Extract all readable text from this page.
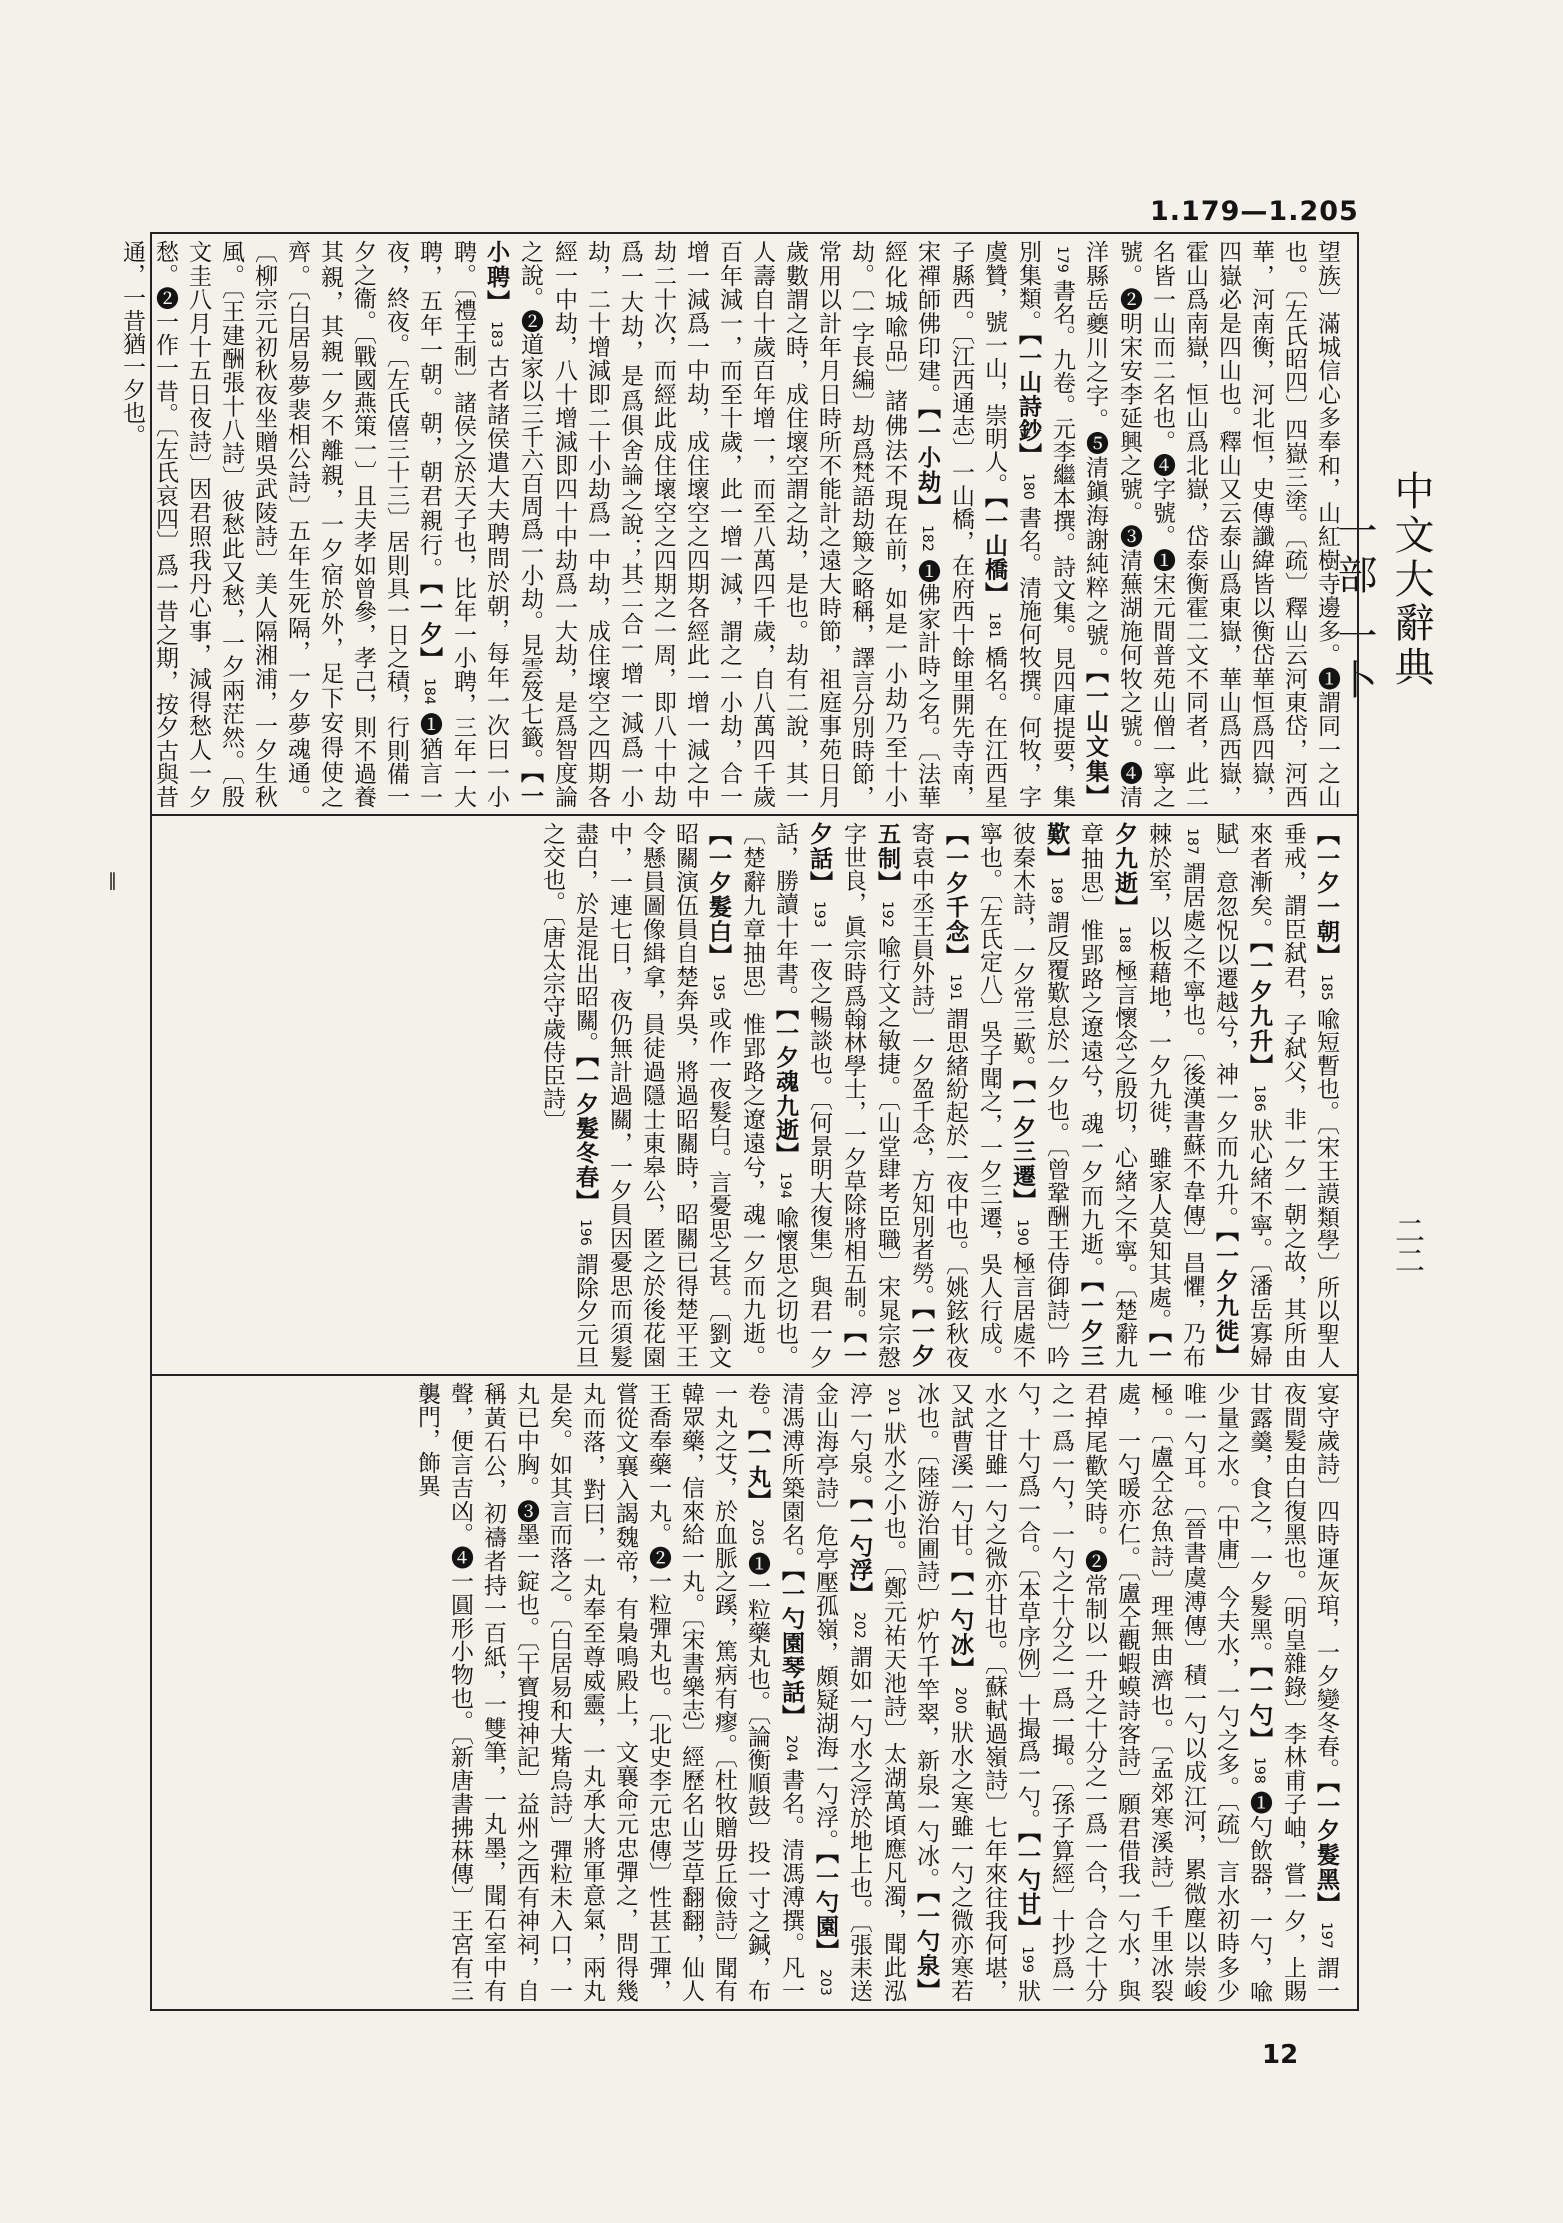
1.179—1.205
中文大辭典 一部 一卜
二二
‖
望族〕滿城信心多奉和，山紅樹寺邊多。❶謂同一之山也。〔左氏昭四〕四嶽三塗。〔疏〕釋山云河東岱，河西華，河南衡，河北恒，史傳讖緯皆以衡岱華恒爲四嶽，四嶽必是四山也。釋山又云泰山爲東嶽，華山爲西嶽，霍山爲南嶽，恒山爲北嶽，岱泰衡霍二文不同者，此二名皆一山而二名也。❹字號。❶宋元間普苑山僧一寧之號。❷明宋安李延興之號。❸清蕪湖施何牧之號。❹清洋縣岳夔川之字。❺清鎭海謝純粹之號。【一山文集】179書名。九卷。元李繼本撰。詩文集。見四庫提要，集別集類。【一山詩鈔】180書名。清施何牧撰。何牧，字虞贊，號一山，崇明人。【一山橋】181橋名。在江西星子縣西。〔江西通志〕一山橋，在府西十餘里開先寺南，宋禪師佛印建。【一小劫】182❶佛家計時之名。〔法華經化城喩品〕諸佛法不現在前，如是一小劫乃至十小劫。〔一字長編〕劫爲梵語劫簸之略稱，譯言分別時節，常用以計年月日時所不能計之遠大時節，祖庭事苑日月歲數謂之時，成住壞空謂之劫，是也。劫有二說，其一人壽自十歲百年增一，而至八萬四千歲，自八萬四千歲百年減一，而至十歲，此一增一減，謂之一小劫，合一增一減爲一中劫，成住壞空之四期各經此一增一減之中劫二十次，而經此成住壞空之四期之一周，即八十中劫爲一大劫，是爲俱舍論之說；其二合一增一減爲一小劫，二十增減即二十小劫爲一中劫，成住壞空之四期各經一中劫，八十增減即四十中劫爲一大劫，是爲智度論之說。❷道家以三千六百周爲一小劫。見雲笈七籤。【一小聘】183古者諸侯遣大夫聘問於朝，每年一次曰一小聘。〔禮王制〕諸侯之於天子也，比年一小聘，三年一大聘，五年一朝。朝，朝君親行。【一夕】184❶猶言一夜，終夜。〔左氏僖三十三〕居則具一日之積，行則備一夕之衞。〔戰國燕策一〕且夫孝如曾參，孝己，則不過養其親，其親一夕不離親，一夕宿於外，足下安得使之齊。〔白居易夢裴相公詩〕五年生死隔，一夕夢魂通。〔柳宗元初秋夜坐贈吳武陵詩〕美人隔湘浦，一夕生秋風。〔王建酬張十八詩〕彼愁此又愁，一夕兩茫然。〔殷文圭八月十五日夜詩〕因君照我丹心事，減得愁人一夕愁。❷一作一昔。〔左氏哀四〕爲一昔之期，按夕古與昔通，一昔猶一夕也。
【一夕一朝】185喩短暫也。〔宋王謨類學〕所以聖人垂戒，謂臣弑君，子弑父，非一夕一朝之故，其所由來者漸矣。【一夕九升】186狀心緒不寧。〔潘岳寡婦賦〕意忽怳以遷越兮，神一夕而九升。【一夕九徙】187謂居處之不寧也。〔後漢書蘇不韋傳〕昌懼，乃布棘於室，以板藉地，一夕九徙，雖家人莫知其處。【一夕九逝】188極言懷念之殷切，心緒之不寧。〔楚辭九章抽思〕惟郢路之遼遠兮，魂一夕而九逝。【一夕三歎】189謂反覆歎息於一夕也。〔曾鞏酬王侍御詩〕吟彼秦木詩，一夕常三歎。【一夕三遷】190極言居處不寧也。〔左氏定八〕吳子聞之，一夕三遷，吳人行成。【一夕千念】191謂思緒紛起於一夜中也。〔姚鉉秋夜寄袁中丞王員外詩〕一夕盈千念，方知別者勞。【一夕五制】192喩行文之敏捷。〔山堂肆考臣職〕宋晁宗慤字世良，眞宗時爲翰林學士，一夕草除將相五制。【一夕話】193一夜之暢談也。〔何景明大復集〕與君一夕話，勝讀十年書。【一夕魂九逝】194喩懷思之切也。〔楚辭九章抽思〕惟郢路之遼遠兮，魂一夕而九逝。【一夕髮白】195或作一夜髮白。言憂思之甚。〔劉文昭關演伍員自楚奔吳，將過昭關時，昭關已得楚平王令懸員圖像緝拿，員徒過隱士東皋公，匿之於後花園中，一連七日，夜仍無計過關，一夕員因憂思而須髮盡白，於是混出昭關。【一夕髮冬春】196謂除夕元旦之交也。〔唐太宗守歲侍臣詩〕
宴守歲詩〕四時運灰琯，一夕變冬春。【一夕髮黑】197謂一夜間髮由白復黑也。〔明皇雜錄〕李林甫子岫，嘗一夕，上賜甘露羹，食之，一夕髮黑。【一勺】198❶勺飲器，一勺，喩少量之水。〔中庸〕今夫水，一勺之多。〔疏〕言水初時多少唯一勺耳。〔晉書虞溥傳〕積一勺以成江河，累微塵以崇峻極。〔盧仝忿魚詩〕理無由濟也。〔孟郊寒溪詩〕千里冰裂處，一勺暖亦仁。〔盧仝觀蝦蟆詩客詩〕願君借我一勺水，與君掉尾歡笑時。❷常制以一升之十分之一爲一合，合之十分之一爲一勺，一勺之十分之一爲一撮。〔孫子算經〕十抄爲一勺，十勺爲一合。〔本草序例〕十撮爲一勺。【一勺甘】199狀水之甘雖一勺之微亦甘也。〔蘇軾過嶺詩〕七年來往我何堪，又試曹溪一勺甘。【一勺冰】200狀水之寒雖一勺之微亦寒若冰也。〔陸游治圃詩〕炉竹千竿翠，新泉一勺冰。【一勺泉】201狀水之小也。〔鄭元祐天池詩〕太湖萬頃應凡濁，聞此泓渟一勺泉。【一勺浮】202謂如一勺水之浮於地上也。〔張耒送金山海亭詩〕危亭壓孤嶺，頗疑湖海一勺浮。【一勺園】203清馮溥所築園名。【一勺園琴話】204書名。清馮溥撰。凡一卷。【一丸】205❶一粒藥丸也。〔論衡順鼓〕投一寸之鍼，布一丸之艾，於血脈之蹊，篤病有瘳。〔杜牧贈毋丘儉詩〕聞有韓眾藥，信來給一丸。〔宋書樂志〕經歷名山芝草翻翻，仙人王喬奉藥一丸。❷一粒彈丸也。〔北史李元忠傳〕性甚工彈，嘗從文襄入謁魏帝，有梟鳴殿上，文襄命元忠彈之，問得幾丸而落，對曰，一丸奉至尊威靈，一丸承大將軍意氣，兩丸是矣。如其言而落之。〔白居易和大觜烏詩〕彈粒未入口，一丸已中胸。❸墨一錠也。〔干寶搜神記〕益州之西有神祠，自稱黃石公，初禱者持一百紙，一雙筆，一丸墨，聞石室中有聲，便言吉凶。❹一圓形小物也。〔新唐書拂菻傳〕王宮有三襲門，飾異
12
